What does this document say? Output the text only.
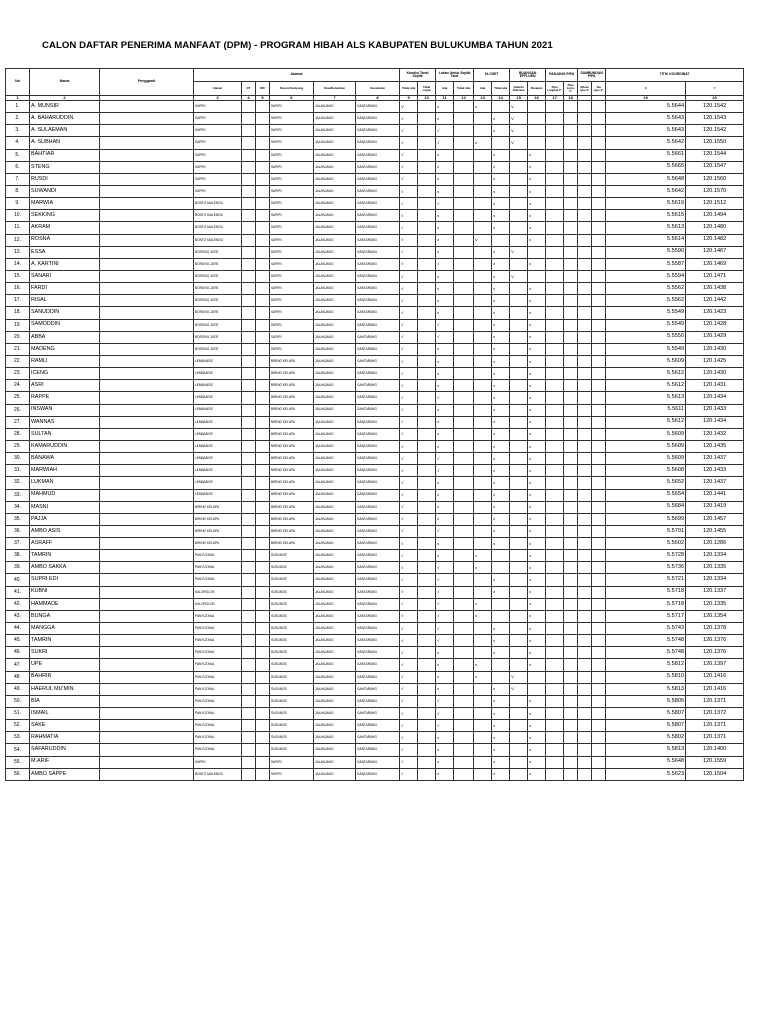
CALON DAFTAR PENERIMA MANFAAT (DPM) - PROGRAM HIBAH ALS KABUPATEN BULUKUMBA TAHUN 2021
No	Nama	Pengganti	Alamat						Kondisi Tanki Septik		Lahan Untuk Septik Tank		KLOSET		BUANGAN EFFLUEN		PANJANG PIPA		SAMBUNGAN PIPA		TITIK KOORDINAT	
			Alamat	RT	RW	Dusun/ Kampung	Desa/Kelurahan	Kecamatan	Tidak Ada	Tidak Layak	Ada	Tidak Ada	Ada	Tidak ada	Saluran Drainase	Resapan	Pipa Lingkok 3"	Pipa Lurus 3"	Elbow type 3"	Tee type 3"	X	Y
1	2		3	4	5	6	7	8	9	10	11	12	13	14	15	16	17	18			19	20
1.	A. MUNSIR		SAPIRI			SAPIRI	JALANJANG	GANTARANG	V		x		x		V						5.5644	120.1542
2.	A. BAHARUDDIN		SAPIRI			SAPIRI	JALANJANG	GANTARANG	√		x			x	V						5.5643	120.1543
3.	A. SULAEMAN		SAPIRI			SAPIRI	JALANJANG	GANTARANG	√		√			x	V						5.5643	120.1542
4.	A. SUBHAN		SAPIRI			SAPIRI	JALANJANG	GANTARANG	√		√		x		V						5.5642	120.1550
5.	BAHTIAR		SAPIRI			SAPIRI	JALANJANG	GANTARANG	√		x			x		x					5.5661	120.1544
6.	STENG		SAPIRI			SAPIRI	JALANJANG	GANTARANG	√		x			x		x					5.5665	120.1547
7.	RUSDI		SAPIRI			SAPIRI	JALANJANG	GANTARANG	√		x			x		x					5.5648	120.1560
8.	SUWANDI		SAPIRI			SAPIRI	JALANJANG	GANTARANG	√		x			x		x					5.5642	120.1570
9.	MARWIA		BONTO MALENGO			SAPIRI	JALANJANG	GANTARANG	√		√			x		x					5.5619	120.1512
10.	SEKKING		BONTO MALENGO			SAPIRI	JALANJANG	GANTARANG	√		x			x		x					5.5615	120.1494
11.	AKRAM		BONTO MALENGO			SAPIRI	JALANJANG	GANTARANG	√		x			x		x					5.5613	120.1480
12.	ROSNA		BONTO MALENGO			SAPIRI	JALANJANG	GANTARANG	√		x		V			x					5.5614	120.1482
13.	ESSA		BORONG JATIE			SAPIRI	JALANJANG	GANTARANG	√		x			x	V						5.5590	120.1467
14.	A. KARTINI		BORONG JATIE			SAPIRI	JALANJANG	GANTARANG	√		√			x		x					5.5587	120.1469
15.	SANARI		BORONG JATIE			SAPIRI	JALANJANG	GANTARANG	√		x			x	V						5.5594	120.1471
16.	FARDI		BORONG JATIE			SAPIRI	JALANJANG	GANTARANG	√		x			x		x					5.5562	120.1438
17.	RISAL		BORONG JATIE			SAPIRI	JALANJANG	GANTARANG	√		x			x		x					5.5562	120.1442
18.	SANUDDIN		BORONG JATIE			SAPIRI	JALANJANG	GANTARANG	√		x			x		x					5.5549	120.1423
19.	SAMODDIN		BORONG JATIE			SAPIRI	JALANJANG	GANTARANG	√		√			x		x					5.5549	120.1428
20.	ABBA		BORONG JATIE			SAPIRI	JALANJANG	GANTARANG	√		√			x		x					5.5550	120.1429
21.	MADENG		BORONG JATIE			SAPIRI	JALANJANG	GANTARANG	√		x			x		x					5.5549	120.1430
22.	RAMLI		LEMBANGE			BIRING KELAPA	JALANJANG	GANTARANG	√		x			x		x					5.5609	120.1425
23.	ICENG		LEMBANGE			BIRING KELAPA	JALANJANG	GANTARANG	√		x			x		x					5.5612	120.1430
24.	ASRI		LEMBANGE			BIRING KELAPA	JALANJANG	GANTARANG	√		x			x		x					5.5612	120.1431
25.	RAPPE		LEMBANGE			BIRING KELAPA	JALANJANG	GANTARANG	√		√			x		x					5.5613	120.1434
26.	INSWAN		LEMBANGE			BIRING KELAPA	JALANJANG	GANTARANG	√		x			x		x					5.5611	120.1433
27.	WANNAS		LEMBANGE			BIRING KELAPA	JALANJANG	GANTARANG	√		x			x		x					5.5612	120.1434
28.	SULTAN		LEMBANGE			BIRING KELAPA	JALANJANG	GANTARANG	√		x			x		x					5.5609	120.1432
29.	KAMARUDDIN		LEMBANGE			BIRING KELAPA	JALANJANG	GANTARANG	√		x			x		x					5.5609	120.1435
30.	BANAWA		LEMBANGE			BIRING KELAPA	JALANJANG	GANTARANG	√		√			x		x					5.5609	120.1437
31.	MARWIAH		LEMBANGE			BIRING KELAPA	JALANJANG	GANTARANG	√		√			x		x					5.5608	120.1433
32.	LUKMAN		LEMBANGE			BIRING KELAPA	JALANJANG	GANTARANG	√		x			x		x					5.5652	120.1437
33.	MAHMUD		LEMBANGE			BIRING KELAPA	JALANJANG	GANTARANG	√		x			x		x					5.5654	120.1441
34.	MASNI		BIRING KELAPA			BIRING KELAPA	JALANJANG	GANTARANG	√		x			x		x					5.5684	120.1419
35.	PAJJA		BIRING KELAPA			BIRING KELAPA	JALANJANG	GANTARANG	√		x			x		x					5.5699	120.1457
36.	AMBO ASIS		BIRING KELAPA			BIRING KELAPA	JALANJANG	GANTARANG	√		√			x		x					5.5701	120.1455
37.	ASRAFF		BIRING KELAPA			BIRING KELAPA	JALANJANG	GANTARANG	√		x			x		x					5.5602	120.1286
38.	TAMRIN		PANYUTANA			SUSUNGE	JALANJANG	GANTARANG	√		x		x			x					5.5728	120.1334
39.	AMBO SAKKA		PANYUTANA			SUSUNGE	JALANJANG	GANTARANG	√		√		x			x					5.5736	120.1335
40.	SUPRI EDI		PANYUTANA			SUSUNGE	JALANJANG	GANTARANG	√		√			x		x					5.5721	120.1334
41.	KUBNI		KALOROLOE			SUSUNGE	JALANJANG	GANTARANG	√		√			x		x					5.5718	120.1337
42.	HAMMADE		KALOROLOE			SUSUNGE	JALANJANG	GANTARANG	√		√		x			x					5.5718	120.1335
43.	BUNGA		PANYUTANA			SUSUNGE	JALANJANG	GANTARANG	√		√		x			x					5.5717	120.1354
44.	MANGGA		PANYUTANA			SUSUNGE	JALANJANG	GANTARANG	√		√			x		x					5.5743	120.1378
45.	TAMRIN		PANYUTANA			SUSUNGE	JALANJANG	GANTARANG	√		√			x		x					5.5748	120.1376
46.	SUKRI		PANYUTANA			SUSUNGE	JALANJANG	GANTARANG	√		x			x		x					5.5748	120.1376
47.	UPE		PANYUTANA			SUSUNGE	JALANJANG	GANTARANG	√		x		x			x					5.5812	120.1397
48.	BAHRIR		PANYUTANA			SUSUNGE	JALANJANG	GANTARANG	√		x		x		V						5.5810	120.1416
49.	HAERUL MU'MIN		PANYUTANA			SUSUNGE	JALANJANG	GANTARANG	√		x			x	V						5.5813	120.1416
50.	BIA		PANYUTANA			SUSUNGE	JALANJANG	GANTARANG	√		√			x		x					5.5805	120.1371
51.	ISMAIL		PANYUTANA			SUSUNGE	JALANJANG	GANTARANG	√		√			x		x					5.5807	120.1372
52.	SAKE		PANYUTANA			SUSUNGE	JALANJANG	GANTARANG	√		√			x		x					5.5807	120.1371
53.	RAHMATIA		PANYUTANA			SUSUNGE	JALANJANG	GANTARANG	√		x			x		x					5.5802	120.1371
54.	SAFARUDDIN		PANYUTANA			SUSUNGE	JALANJANG	GANTARANG	√		x			x		x					5.5813	120.1400
55.	M.ARIF		SAPIRI			SAPIRI	JALANJANG	GANTARANG	√		x			x		x					5.5648	120.1559
56.	AMBO SAPPE		BONTO MALENGO			SAPIRI	JALANJANG	GANTARANG	√		x			x		x					5.5623	120.1504
